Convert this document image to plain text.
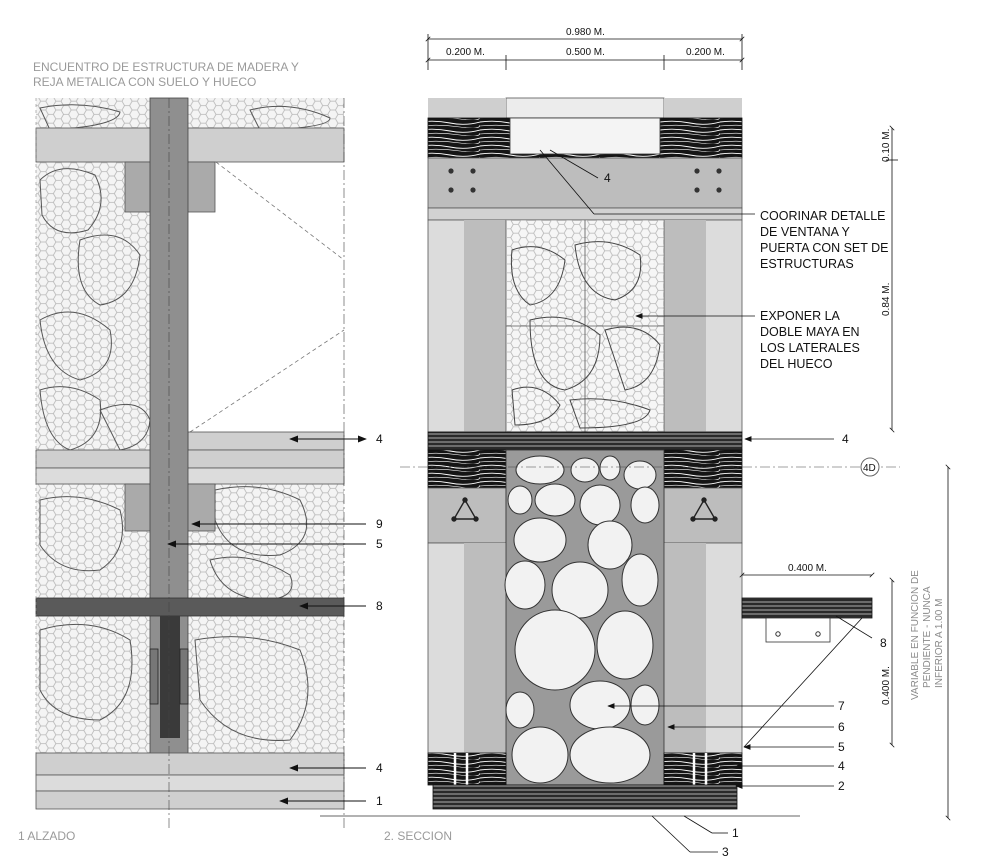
ENCUENTRO DE ESTRUCTURA DE MADERA Y
REJA METALICA CON SUELO Y HUECO
4
9
5
8
4
1
4D
0.980 M.
0.200 M.	0.500 M.	0.200 M.
0.10 M.
0.84 M.
0.400 M.
0.400 M.
COORINAR DETALLE
DE VENTANA Y
PUERTA CON SET DE
ESTRUCTURAS
EXPONER LA
DOBLE MAYA EN
LOS LATERALES
DEL HUECO
VARIABLE EN FUNCION DE PENDIENTE - NUNCA INFERIOR A 1.00 M
4
4
8
7
6
5
4
2
1
3
1 ALZADO	2. SECCION
